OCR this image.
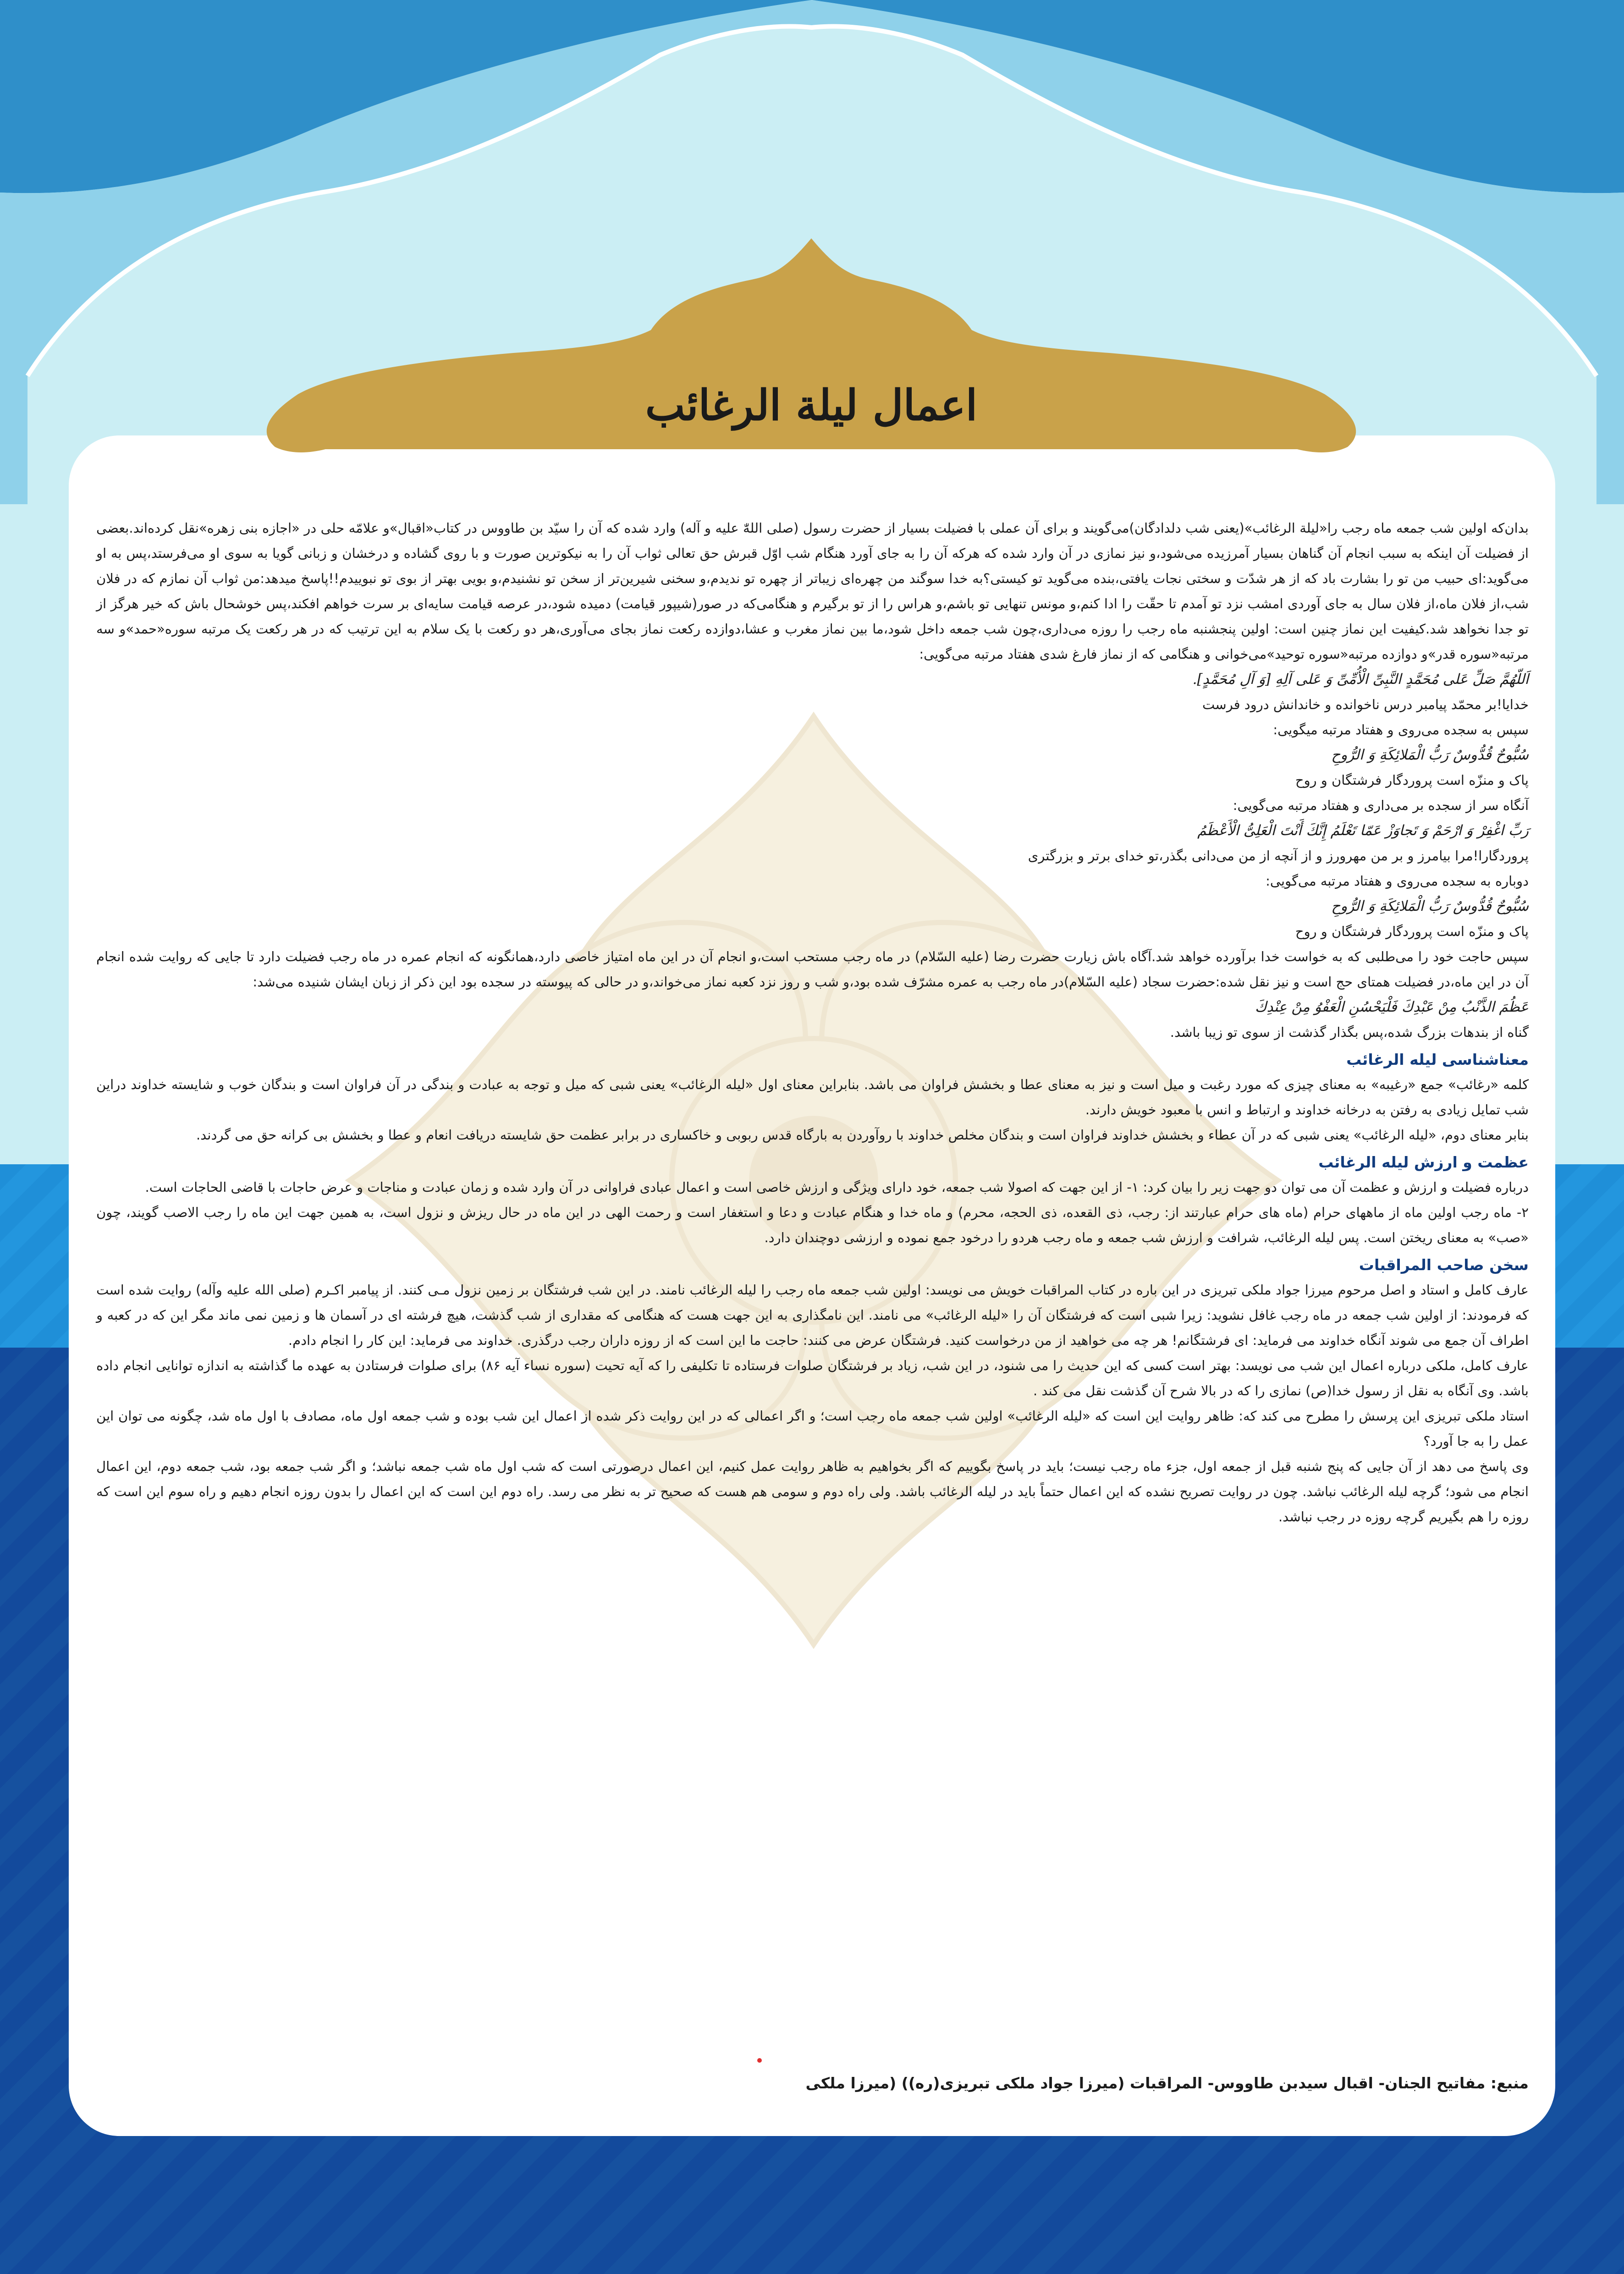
اعمال لیلة الرغائب

بدان‌که اولین شب جمعه ماه رجب را«لیلة الرغائب»(یعنی شب دلدادگان)می‌گویند و برای آن عملی با فضیلت بسیار از حضرت رسول (صلی اللهّٰ علیه و آله) وارد شده که آن را سیّد بن طاووس در کتاب«اقبال»و علامّه حلی در «اجازه بنی زهره»نقل کرده‌اند.بعضی از فضیلت آن اینکه به سبب انجام آن گناهان بسیار آمرزیده می‌شود،و نیز نمازی در آن وارد شده که هرکه آن را به جای آورد هنگام شب اوّل قبرش حق تعالی ثواب آن را به نیکوترین صورت و با روی گشاده و درخشان و زبانی گویا به سوی او می‌فرستد،پس به او می‌گوید:ای حبیب من تو را بشارت باد که از هر شدّت و سختی نجات یافتی،بنده می‌گوید تو کیستی؟به خدا سوگند من چهره‌ای زیباتر از چهره تو ندیدم،و سخنی شیرین‌تر از سخن تو نشنیدم،و بویی بهتر از بوی تو نبوییدم!!پاسخ میدهد:من ثواب آن نمازم که در فلان شب،از فلان ماه،از فلان سال به جای آوردی امشب نزد تو آمدم تا حقّت را ادا کنم،و مونس تنهایی تو باشم،و هراس را از تو برگیرم و هنگامی‌که در صور(شیپور قیامت) دمیده شود،در عرصه قیامت سایه‌ای بر سرت خواهم افکند،پس خوشحال باش که خیر هرگز از تو جدا نخواهد شد.کیفیت این نماز چنین است: اولین پنجشنبه ماه رجب را روزه می‌داری،چون شب جمعه داخل شود،ما بین نماز مغرب و عشا،دوازده رکعت نماز بجای می‌آوری،هر دو رکعت با یک سلام به این ترتیب که در هر رکعت یک مرتبه سوره«حمد»و سه مرتبه«سوره قدر»و دوازده مرتبه«سوره توحید»می‌خوانی و هنگامی که از نماز فارغ شدی هفتاد مرتبه می‌گویی:

اَللّهُمَّ صَلِّ عَلی مُحَمَّدٍ النَّبِیِّ الْأُمِّیِّ وَ عَلی آلِهِ [وَ آلِ مُحَمَّدٍ].

خدایا!بر محمّد پیامبر درس ناخوانده و خاندانش درود فرست

سپس به سجده می‌روی و هفتاد مرتبه میگویی:

سُبُّوحٌ قُدُّوسٌ رَبُّ الْمَلائِكَةِ وَ الرُّوحِ

پاک و منزّه است پروردگار فرشتگان و روح

آنگاه سر از سجده بر می‌داری و هفتاد مرتبه می‌گویی:

رَبِّ اغْفِرْ وَ ارْحَمْ وَ تَجاوَزْ عَمّا تَعْلَمُ إِنَّكَ أَنْتَ الْعَلِیُّ الْأَعْظَمُ

پروردگارا!مرا بیامرز و بر من مهرورز و از آنچه از من می‌دانی بگذر،تو خدای برتر و بزرگتری

دوباره به سجده می‌روی و هفتاد مرتبه می‌گویی:

سُبُّوحٌ قُدُّوسٌ رَبُّ الْمَلائِكَةِ وَ الرُّوحِ

پاک و منزّه است پروردگار فرشتگان و روح

سپس حاجت خود را می‌طلبی که به خواست خدا برآورده خواهد شد.آگاه باش زیارت حضرت رضا (علیه السّلام) در ماه رجب مستحب است،و انجام آن در این ماه امتیاز خاصی دارد،همانگونه که انجام عمره در ماه رجب فضیلت دارد تا جایی که روایت شده انجام آن در این ماه،در فضیلت همتای حج است و نیز نقل شده:حضرت سجاد (علیه السّلام)در ماه رجب به عمره مشرّف شده بود،و شب و روز نزد کعبه نماز می‌خواند،و در حالی که پیوسته در سجده بود این ذکر از زبان ایشان شنیده می‌شد:

عَظُمَ الذَّنْبُ مِنْ عَبْدِكَ فَلْيَحْسُنِ الْعَفْوُ مِنْ عِنْدِكَ

گناه از بندهات بزرگ شده،پس بگذار گذشت از سوی تو زیبا باشد.

معناشناسی لیله الرغائب

کلمه «رغائب» جمع «رغیبه» به معنای چیزی که مورد رغبت و میل است و نیز به معنای عطا و بخشش فراوان می باشد. بنابراین معنای اول «لیله الرغائب» یعنی شبی که میل و توجه به عبادت و بندگی در آن فراوان است و بندگان خوب و شایسته خداوند دراین شب تمایل زیادی به رفتن به درخانه خداوند و ارتباط و انس با معبود خویش دارند.

بنابر معنای دوم، «لیله الرغائب» یعنی شبی که در آن عطاء و بخشش خداوند فراوان است و بندگان مخلص خداوند با روآوردن به بارگاه قدس ربوبی و خاکساری در برابر عظمت حق شایسته دریافت انعام و عطا و بخشش بی کرانه حق می گردند.

عظمت و ارزش لیله الرغائب

درباره فضیلت و ارزش و عظمت آن می توان دو جهت زیر را بیان کرد: ۱- از این جهت که اصولا شب جمعه، خود دارای ویژگی و ارزش خاصی است و اعمال عبادی فراوانی در آن وارد شده و زمان عبادت و مناجات و عرض حاجات با قاضی الحاجات است.

۲- ماه رجب اولین ماه از ماههای حرام (ماه های حرام عبارتند از: رجب، ذی القعده، ذی الحجه، محرم) و ماه خدا و هنگام عبادت و دعا و استغفار است و رحمت الهی در این ماه در حال ریزش و نزول است، به همین جهت این ماه را رجب الاصب گویند، چون «صب» به معنای ریختن است. پس لیله الرغائب، شرافت و ارزش شب جمعه و ماه رجب هردو را درخود جمع نموده و ارزشی دوچندان دارد.

سخن صاحب المراقبات

عارف کامل و استاد و اصل مرحوم میرزا جواد ملکی تبریزی در این باره در کتاب المراقبات خویش می نویسد: اولین شب جمعه ماه رجب را لیله الرغائب نامند. در این شب فرشتگان بر زمین نزول مـی کنند. از پیامبر اکـرم (صلی الله علیه وآله) روایت شده است که فرمودند: از اولین شب جمعه در ماه رجب غافل نشوید: زیرا شبی است که فرشتگان آن را «لیله الرغائب» می نامند. این نامگذاری به این جهت هست که هنگامی که مقداری از شب گذشت، هیچ فرشته ای در آسمان ها و زمین نمی ماند مگر این که در کعبه و اطراف آن جمع می شوند آنگاه خداوند می فرماید: ای فرشتگانم! هر چه می خواهید از من درخواست کنید. فرشتگان عرض می کنند: حاجت ما این است که از روزه داران رجب درگذری. خداوند می فرماید: این کار را انجام دادم.

عارف کامل، ملکی درباره اعمال این شب می نویسد: بهتر است کسی که این حدیث را می شنود، در این شب، زیاد بر فرشتگان صلوات فرستاده تا تکلیفی را که آیه تحیت (سوره نساء آیه ۸۶) برای صلوات فرستادن به عهده ما گذاشته به اندازه توانایی انجام داده باشد. وی آنگاه به نقل از رسول خدا(ص) نمازی را که در بالا شرح آن گذشت نقل می کند .

استاد ملکی تبریزی این پرسش را مطرح می کند که: ظاهر روایت این است که «لیله الرغائب» اولین شب جمعه ماه رجب است؛ و اگر اعمالی که در این روایت ذکر شده از اعمال این شب بوده و شب جمعه اول ماه، مصادف با اول ماه شد، چگونه می توان این عمل را به جا آورد؟

وی پاسخ می دهد از آن جایی که پنج شنبه قبل از جمعه اول، جزء ماه رجب نیست؛ باید در پاسخ بگوییم که اگر بخواهیم به ظاهر روایت عمل کنیم، این اعمال درصورتی است که شب اول ماه شب جمعه نباشد؛ و اگر شب جمعه بود، شب جمعه دوم، این اعمال انجام می شود؛ گرچه لیله الرغائب نباشد. چون در روایت تصریح نشده که این اعمال حتماً باید در لیله الرغائب باشد. ولی راه دوم و سومی هم هست که صحیح تر به نظر می رسد. راه دوم این است که این اعمال را بدون روزه انجام دهیم و راه سوم این است که روزه را هم بگیریم گرچه روزه در رجب نباشد.

منبع: مفاتیح الجنان- اقبال سیدبن طاووس- المراقبات (میرزا جواد ملکی تبریزی(ره)) (میرزا ملکی
